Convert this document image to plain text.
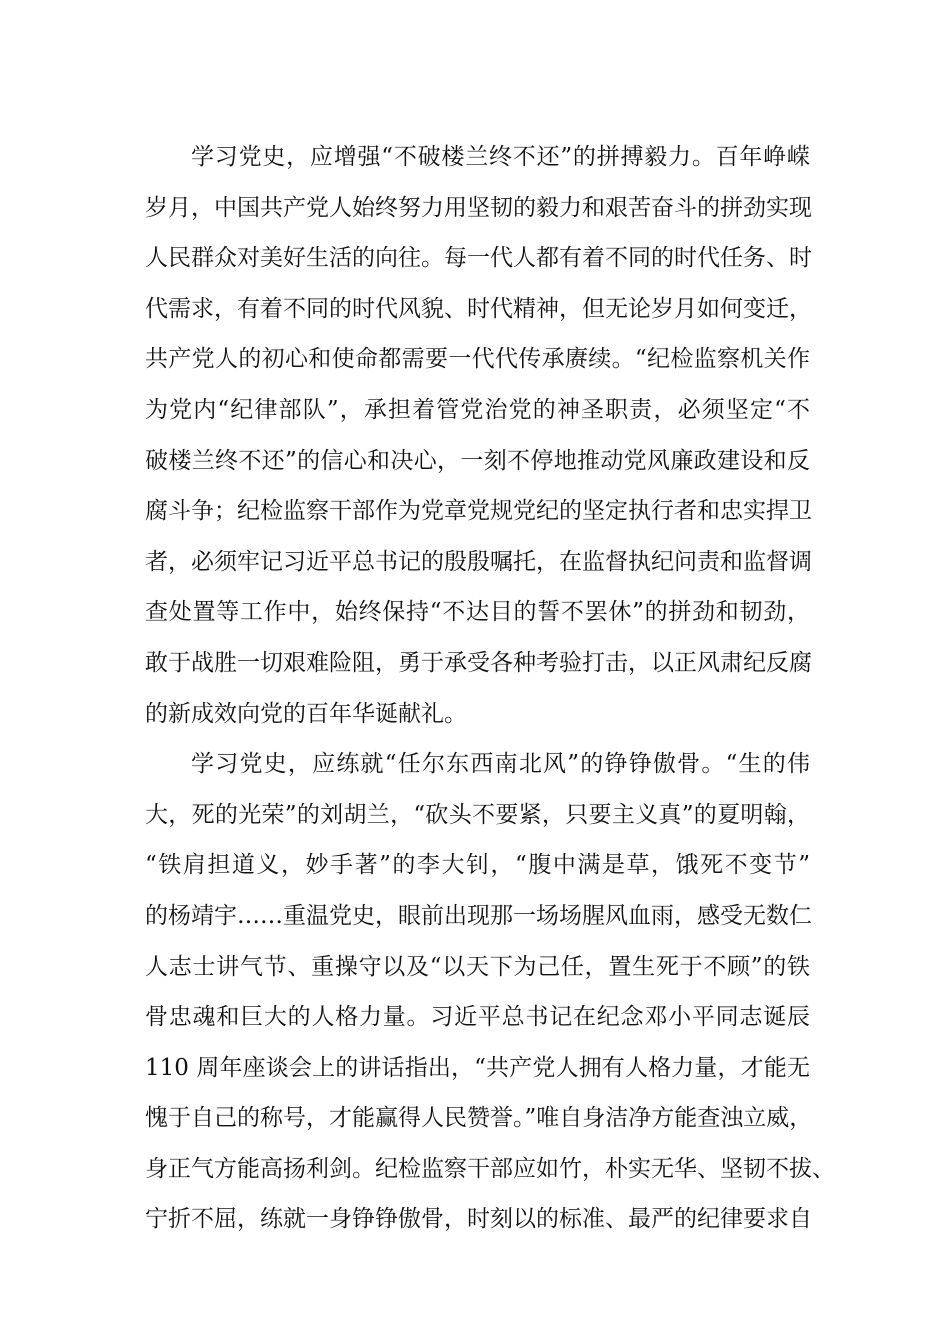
学习党史，应增强“不破楼兰终不还”的拼搏毅力。百年峥嵘
岁月，中国共产党人始终努力用坚韧的毅力和艰苦奋斗的拼劲实现
人民群众对美好生活的向往。每一代人都有着不同的时代任务、时
代需求，有着不同的时代风貌、时代精神，但无论岁月如何变迁，
共产党人的初心和使命都需要一代代传承赓续。“纪检监察机关作
为党内“纪律部队”，承担着管党治党的神圣职责，必须坚定“不
破楼兰终不还”的信心和决心，一刻不停地推动党风廉政建设和反
腐斗争；纪检监察干部作为党章党规党纪的坚定执行者和忠实捍卫
者，必须牢记习近平总书记的殷殷嘱托，在监督执纪问责和监督调
查处置等工作中，始终保持“不达目的誓不罢休”的拼劲和韧劲，
敢于战胜一切艰难险阻，勇于承受各种考验打击，以正风肃纪反腐
的新成效向党的百年华诞献礼。
学习党史，应练就“任尔东西南北风”的铮铮傲骨。“生的伟
大，死的光荣”的刘胡兰，“砍头不要紧，只要主义真”的夏明翰，
“铁肩担道义，妙手著”的李大钊，“腹中满是草，饿死不变节”
的杨靖宇……重温党史，眼前出现那一场场腥风血雨，感受无数仁
人志士讲气节、重操守以及“以天下为己任，置生死于不顾”的铁
骨忠魂和巨大的人格力量。习近平总书记在纪念邓小平同志诞辰
110 周年座谈会上的讲话指出，“共产党人拥有人格力量，才能无
愧于自己的称号，才能赢得人民赞誉。”唯自身洁净方能查浊立威，
身正气方能高扬利剑。纪检监察干部应如竹，朴实无华、坚韧不拔、
宁折不屈，练就一身铮铮傲骨，时刻以的标准、最严的纪律要求自
